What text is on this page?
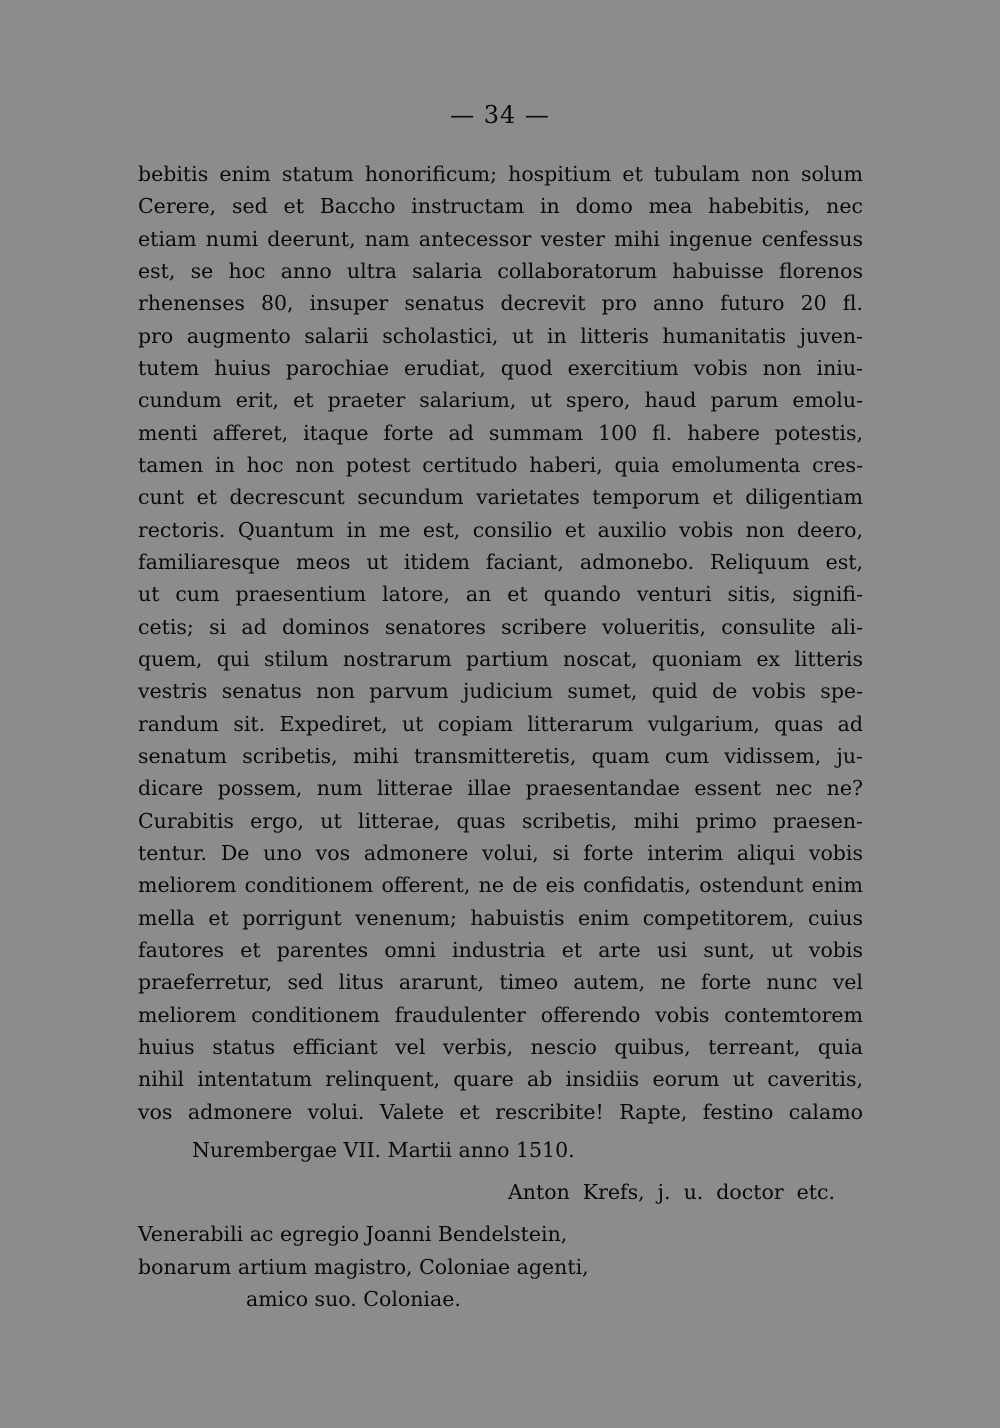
— 34 —
bebitis enim statum honorificum; hospitium et tubulam non solum
Cerere, sed et Baccho instructam in domo mea habebitis, nec
etiam numi deerunt, nam antecessor vester mihi ingenue cenfessus
est, se hoc anno ultra salaria collaboratorum habuisse florenos
rhenenses 80, insuper senatus decrevit pro anno futuro 20 fl.
pro augmento salarii scholastici, ut in litteris humanitatis juven-
tutem huius parochiae erudiat, quod exercitium vobis non iniu-
cundum erit, et praeter salarium, ut spero, haud parum emolu-
menti afferet, itaque forte ad summam 100 fl. habere potestis,
tamen in hoc non potest certitudo haberi, quia emolumenta cres-
cunt et decrescunt secundum varietates temporum et diligentiam
rectoris. Quantum in me est, consilio et auxilio vobis non deero,
familiaresque meos ut itidem faciant, admonebo. Reliquum est,
ut cum praesentium latore, an et quando venturi sitis, signifi-
cetis; si ad dominos senatores scribere volueritis, consulite ali-
quem, qui stilum nostrarum partium noscat, quoniam ex litteris
vestris senatus non parvum judicium sumet, quid de vobis spe-
randum sit. Expediret, ut copiam litterarum vulgarium, quas ad
senatum scribetis, mihi transmitteretis, quam cum vidissem, ju-
dicare possem, num litterae illae praesentandae essent nec ne?
Curabitis ergo, ut litterae, quas scribetis, mihi primo praesen-
tentur. De uno vos admonere volui, si forte interim aliqui vobis
meliorem conditionem offerent, ne de eis confidatis, ostendunt enim
mella et porrigunt venenum; habuistis enim competitorem, cuius
fautores et parentes omni industria et arte usi sunt, ut vobis
praeferretur, sed litus ararunt, timeo autem, ne forte nunc vel
meliorem conditionem fraudulenter offerendo vobis contemtorem
huius status efficiant vel verbis, nescio quibus, terreant, quia
nihil intentatum relinquent, quare ab insidiis eorum ut caveritis,
vos admonere volui. Valete et rescribite! Rapte, festino calamo
Nurembergae VII. Martii anno 1510.
Anton Krefs, j. u. doctor etc.
Venerabili ac egregio Joanni Bendelstein,
bonarum artium magistro, Coloniae agenti,
amico suo. Coloniae.
